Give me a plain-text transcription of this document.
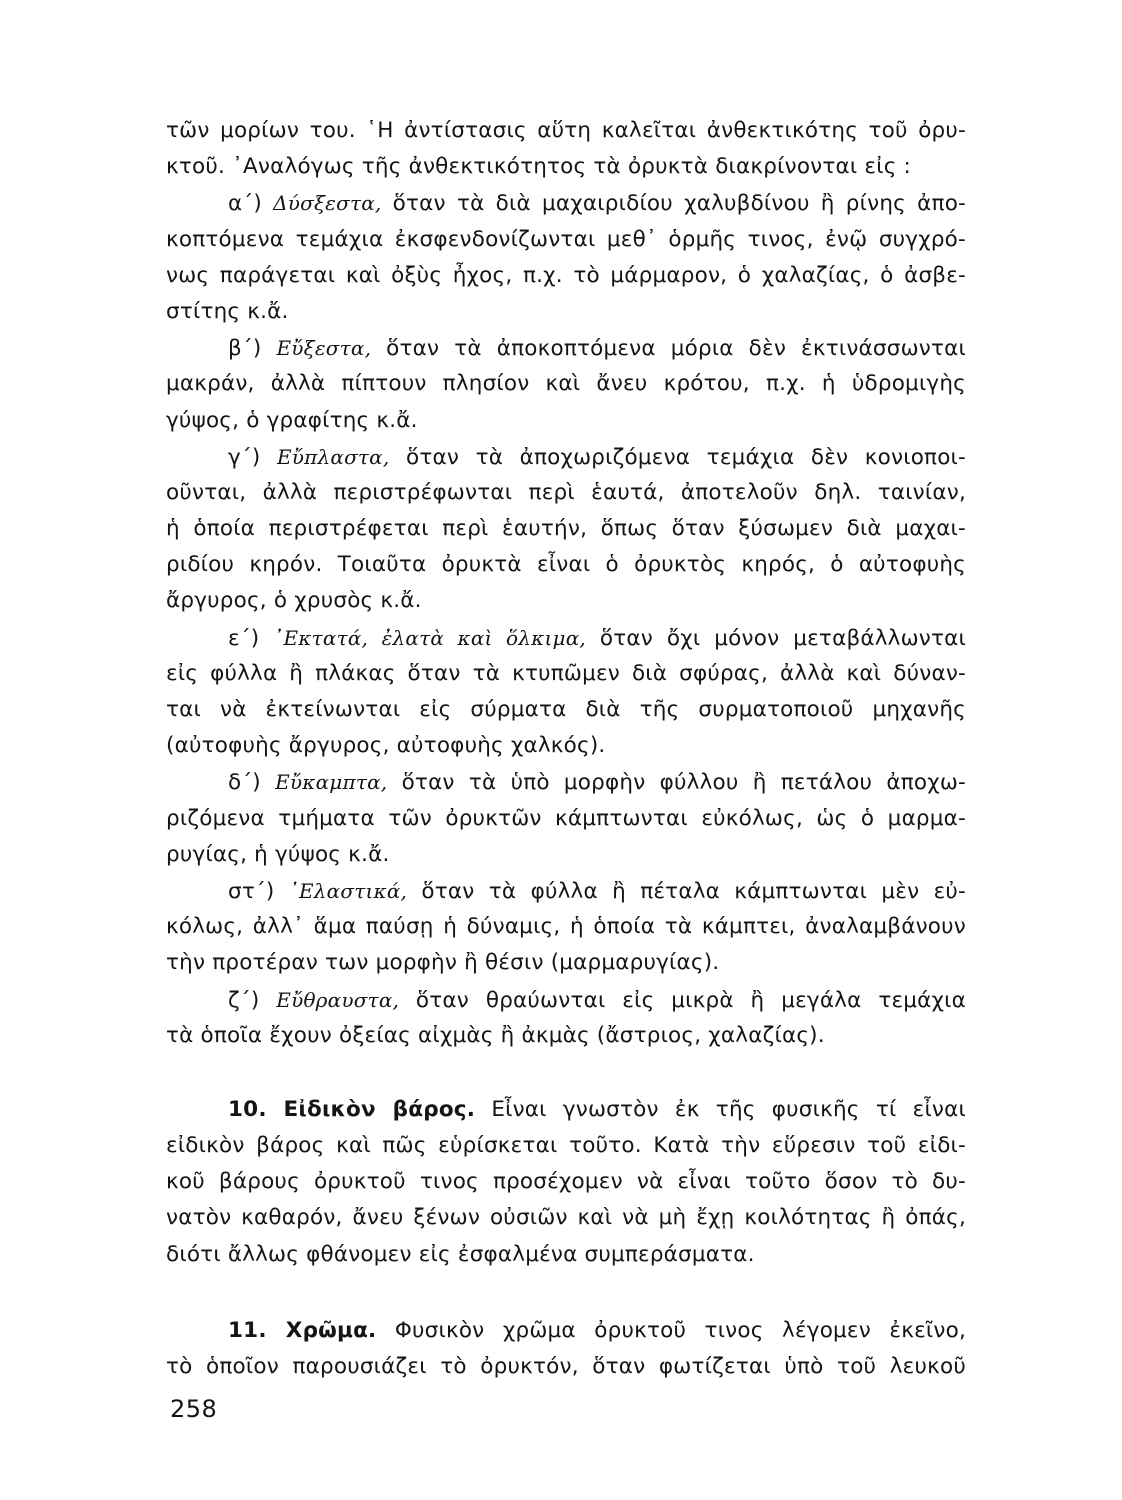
τῶν μορίων του. ῾Η ἀντίστασις αὕτη καλεῖται ἀνθεκτικότης τοῦ ὀρυ-
κτοῦ. ᾿Αναλόγως τῆς ἀνθεκτικότητος τὰ ὀρυκτὰ διακρίνονται εἰς :
α΄) Δύσξεστα, ὅταν τὰ διὰ μαχαιριδίου χαλυβδίνου ἢ ρίνης ἀπο-
κοπτόμενα τεμάχια ἐκσφενδονίζωνται μεθ᾿ ὁρμῆς τινος, ἐνῷ συγχρό-
νως παράγεται καὶ ὀξὺς ἦχος, π.χ. τὸ μάρμαρον, ὁ χαλαζίας, ὁ ἀσβε-
στίτης κ.ἄ.
β΄) Εὔξεστα, ὅταν τὰ ἀποκοπτόμενα μόρια δὲν ἐκτινάσσωνται
μακράν, ἀλλὰ πίπτουν πλησίον καὶ ἄνευ κρότου, π.χ. ἡ ὑδρομιγὴς
γύψος, ὁ γραφίτης κ.ἄ.
γ΄) Εὔπλαστα, ὅταν τὰ ἀποχωριζόμενα τεμάχια δὲν κονιοποι-
οῦνται, ἀλλὰ περιστρέφωνται περὶ ἑαυτά, ἀποτελοῦν δηλ. ταινίαν,
ἡ ὁποία περιστρέφεται περὶ ἑαυτήν, ὅπως ὅταν ξύσωμεν διὰ μαχαι-
ριδίου κηρόν. Τοιαῦτα ὀρυκτὰ εἶναι ὁ ὀρυκτὸς κηρός, ὁ αὐτοφυὴς
ἄργυρος, ὁ χρυσὸς κ.ἄ.
ε΄) ᾿Εκτατά, ἐλατὰ καὶ ὅλκιμα, ὅταν ὄχι μόνον μεταβάλλωνται
εἰς φύλλα ἢ πλάκας ὅταν τὰ κτυπῶμεν διὰ σφύρας, ἀλλὰ καὶ δύναν-
ται νὰ ἐκτείνωνται εἰς σύρματα διὰ τῆς συρματοποιοῦ μηχανῆς
(αὐτοφυὴς ἄργυρος, αὐτοφυὴς χαλκός).
δ΄) Εὔκαμπτα, ὅταν τὰ ὑπὸ μορφὴν φύλλου ἢ πετάλου ἀποχω-
ριζόμενα τμήματα τῶν ὀρυκτῶν κάμπτωνται εὐκόλως, ὡς ὁ μαρμα-
ρυγίας, ἡ γύψος κ.ἄ.
στ΄) ᾿Ελαστικά, ὅταν τὰ φύλλα ἢ πέταλα κάμπτωνται μὲν εὐ-
κόλως, ἀλλ᾿ ἅμα παύσῃ ἡ δύναμις, ἡ ὁποία τὰ κάμπτει, ἀναλαμβάνουν
τὴν προτέραν των μορφὴν ἢ θέσιν (μαρμαρυγίας).
ζ΄) Εὔθραυστα, ὅταν θραύωνται εἰς μικρὰ ἢ μεγάλα τεμάχια
τὰ ὁποῖα ἔχουν ὀξείας αἰχμὰς ἢ ἀκμὰς (ἄστριος, χαλαζίας).
10. Εἰδικὸν βάρος. Εἶναι γνωστὸν ἐκ τῆς φυσικῆς τί εἶναι
εἰδικὸν βάρος καὶ πῶς εὑρίσκεται τοῦτο. Κατὰ τὴν εὕρεσιν τοῦ εἰδι-
κοῦ βάρους ὀρυκτοῦ τινος προσέχομεν νὰ εἶναι τοῦτο ὅσον τὸ δυ-
νατὸν καθαρόν, ἄνευ ξένων οὐσιῶν καὶ νὰ μὴ ἔχῃ κοιλότητας ἢ ὀπάς,
διότι ἄλλως φθάνομεν εἰς ἐσφαλμένα συμπεράσματα.
11. Χρῶμα. Φυσικὸν χρῶμα ὀρυκτοῦ τινος λέγομεν ἐκεῖνο,
τὸ ὁποῖον παρουσιάζει τὸ ὀρυκτόν, ὅταν φωτίζεται ὑπὸ τοῦ λευκοῦ
258
